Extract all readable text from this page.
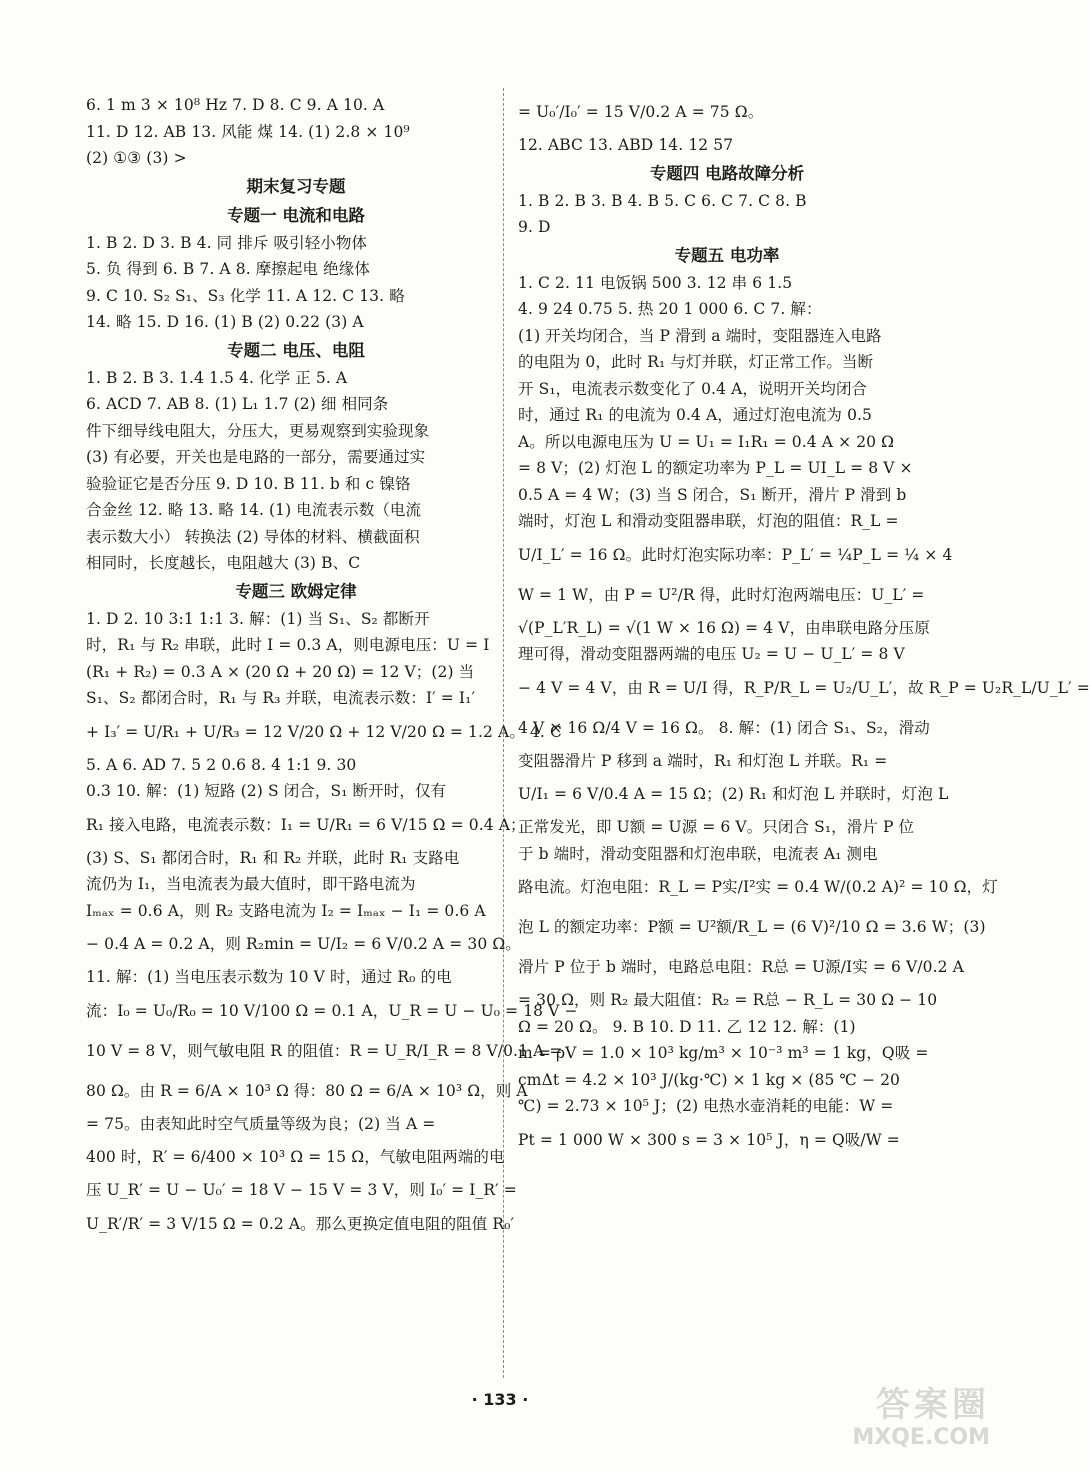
6. 1 m 3 × 10⁸ Hz 7. D 8. C 9. A 10. A
11. D 12. AB 13. 风能 煤 14. (1) 2.8 × 10⁹
(2) ①③ (3) >
期末复习专题
专题一 电流和电路
1. B 2. D 3. B 4. 同 排斥 吸引轻小物体
5. 负 得到 6. B 7. A 8. 摩擦起电 绝缘体
9. C 10. S₂ S₁、S₃ 化学 11. A 12. C 13. 略
14. 略 15. D 16. (1) B (2) 0.22 (3) A
专题二 电压、电阻
1. B 2. B 3. 1.4 1.5 4. 化学 正 5. A
6. ACD 7. AB 8. (1) L₁ 1.7 (2) 细 相同条
件下细导线电阻大，分压大，更易观察到实验现象
(3) 有必要，开关也是电路的一部分，需要通过实
验验证它是否分压 9. D 10. B 11. b 和 c 镍铬
合金丝 12. 略 13. 略 14. (1) 电流表示数（电流
表示数大小） 转换法 (2) 导体的材料、横截面积
相同时，长度越长，电阻越大 (3) B、C
专题三 欧姆定律
1. D 2. 10 3:1 1:1 3. 解：(1) 当 S₁、S₂ 都断开
时，R₁ 与 R₂ 串联，此时 I = 0.3 A，则电源电压：U = I
(R₁ + R₂) = 0.3 A × (20 Ω + 20 Ω) = 12 V；(2) 当
S₁、S₂ 都闭合时，R₁ 与 R₃ 并联，电流表示数：I′ = I₁′
+ I₃′ = U/R₁ + U/R₃ = 12 V/20 Ω + 12 V/20 Ω = 1.2 A。 4. C
5. A 6. AD 7. 5 2 0.6 8. 4 1:1 9. 30
0.3 10. 解：(1) 短路 (2) S 闭合，S₁ 断开时，仅有
R₁ 接入电路，电流表示数：I₁ = U/R₁ = 6 V/15 Ω = 0.4 A；
(3) S、S₁ 都闭合时，R₁ 和 R₂ 并联，此时 R₁ 支路电
流仍为 I₁，当电流表为最大值时，即干路电流为
Iₘₐₓ = 0.6 A，则 R₂ 支路电流为 I₂ = Iₘₐₓ − I₁ = 0.6 A
− 0.4 A = 0.2 A，则 R₂min = U/I₂ = 6 V/0.2 A = 30 Ω。
11. 解：(1) 当电压表示数为 10 V 时，通过 R₀ 的电
流：I₀ = U₀/R₀ = 10 V/100 Ω = 0.1 A，U_R = U − U₀ = 18 V −
10 V = 8 V，则气敏电阻 R 的阻值：R = U_R/I_R = 8 V/0.1 A =
80 Ω。由 R = 6/A × 10³ Ω 得：80 Ω = 6/A × 10³ Ω，则 A
= 75。由表知此时空气质量等级为良；(2) 当 A =
400 时，R′ = 6/400 × 10³ Ω = 15 Ω，气敏电阻两端的电
压 U_R′ = U − U₀′ = 18 V − 15 V = 3 V，则 I₀′ = I_R′ =
U_R′/R′ = 3 V/15 Ω = 0.2 A。那么更换定值电阻的阻值 R₀′
= U₀′/I₀′ = 15 V/0.2 A = 75 Ω。
12. ABC 13. ABD 14. 12 57
专题四 电路故障分析
1. B 2. B 3. B 4. B 5. C 6. C 7. C 8. B
9. D
专题五 电功率
1. C 2. 11 电饭锅 500 3. 12 串 6 1.5
4. 9 24 0.75 5. 热 20 1 000 6. C 7. 解：
(1) 开关均闭合，当 P 滑到 a 端时，变阻器连入电路
的电阻为 0，此时 R₁ 与灯并联，灯正常工作。当断
开 S₁，电流表示数变化了 0.4 A，说明开关均闭合
时，通过 R₁ 的电流为 0.4 A，通过灯泡电流为 0.5
A。所以电源电压为 U = U₁ = I₁R₁ = 0.4 A × 20 Ω
= 8 V；(2) 灯泡 L 的额定功率为 P_L = UI_L = 8 V ×
0.5 A = 4 W；(3) 当 S 闭合，S₁ 断开，滑片 P 滑到 b
端时，灯泡 L 和滑动变阻器串联，灯泡的阻值：R_L =
U/I_L′ = 16 Ω。此时灯泡实际功率：P_L′ = ¼P_L = ¼ × 4
W = 1 W，由 P = U²/R 得，此时灯泡两端电压：U_L′ =
√(P_L′R_L) = √(1 W × 16 Ω) = 4 V，由串联电路分压原
理可得，滑动变阻器两端的电压 U₂ = U − U_L′ = 8 V
− 4 V = 4 V，由 R = U/I 得，R_P/R_L = U₂/U_L′，故 R_P = U₂R_L/U_L′ =
4 V × 16 Ω/4 V = 16 Ω。 8. 解：(1) 闭合 S₁、S₂，滑动
变阻器滑片 P 移到 a 端时，R₁ 和灯泡 L 并联。R₁ =
U/I₁ = 6 V/0.4 A = 15 Ω；(2) R₁ 和灯泡 L 并联时，灯泡 L
正常发光，即 U额 = U源 = 6 V。只闭合 S₁，滑片 P 位
于 b 端时，滑动变阻器和灯泡串联，电流表 A₁ 测电
路电流。灯泡电阻：R_L = P实/I²实 = 0.4 W/(0.2 A)² = 10 Ω，灯
泡 L 的额定功率：P额 = U²额/R_L = (6 V)²/10 Ω = 3.6 W；(3)
滑片 P 位于 b 端时，电路总电阻：R总 = U源/I实 = 6 V/0.2 A
= 30 Ω，则 R₂ 最大阻值：R₂ = R总 − R_L = 30 Ω − 10
Ω = 20 Ω。 9. B 10. D 11. 乙 12 12. 解：(1)
m = ρV = 1.0 × 10³ kg/m³ × 10⁻³ m³ = 1 kg，Q吸 =
cmΔt = 4.2 × 10³ J/(kg·℃) × 1 kg × (85 ℃ − 20
℃) = 2.73 × 10⁵ J；(2) 电热水壶消耗的电能：W =
Pt = 1 000 W × 300 s = 3 × 10⁵ J，η = Q吸/W =
· 133 ·	答案圈
MXQE.COM
